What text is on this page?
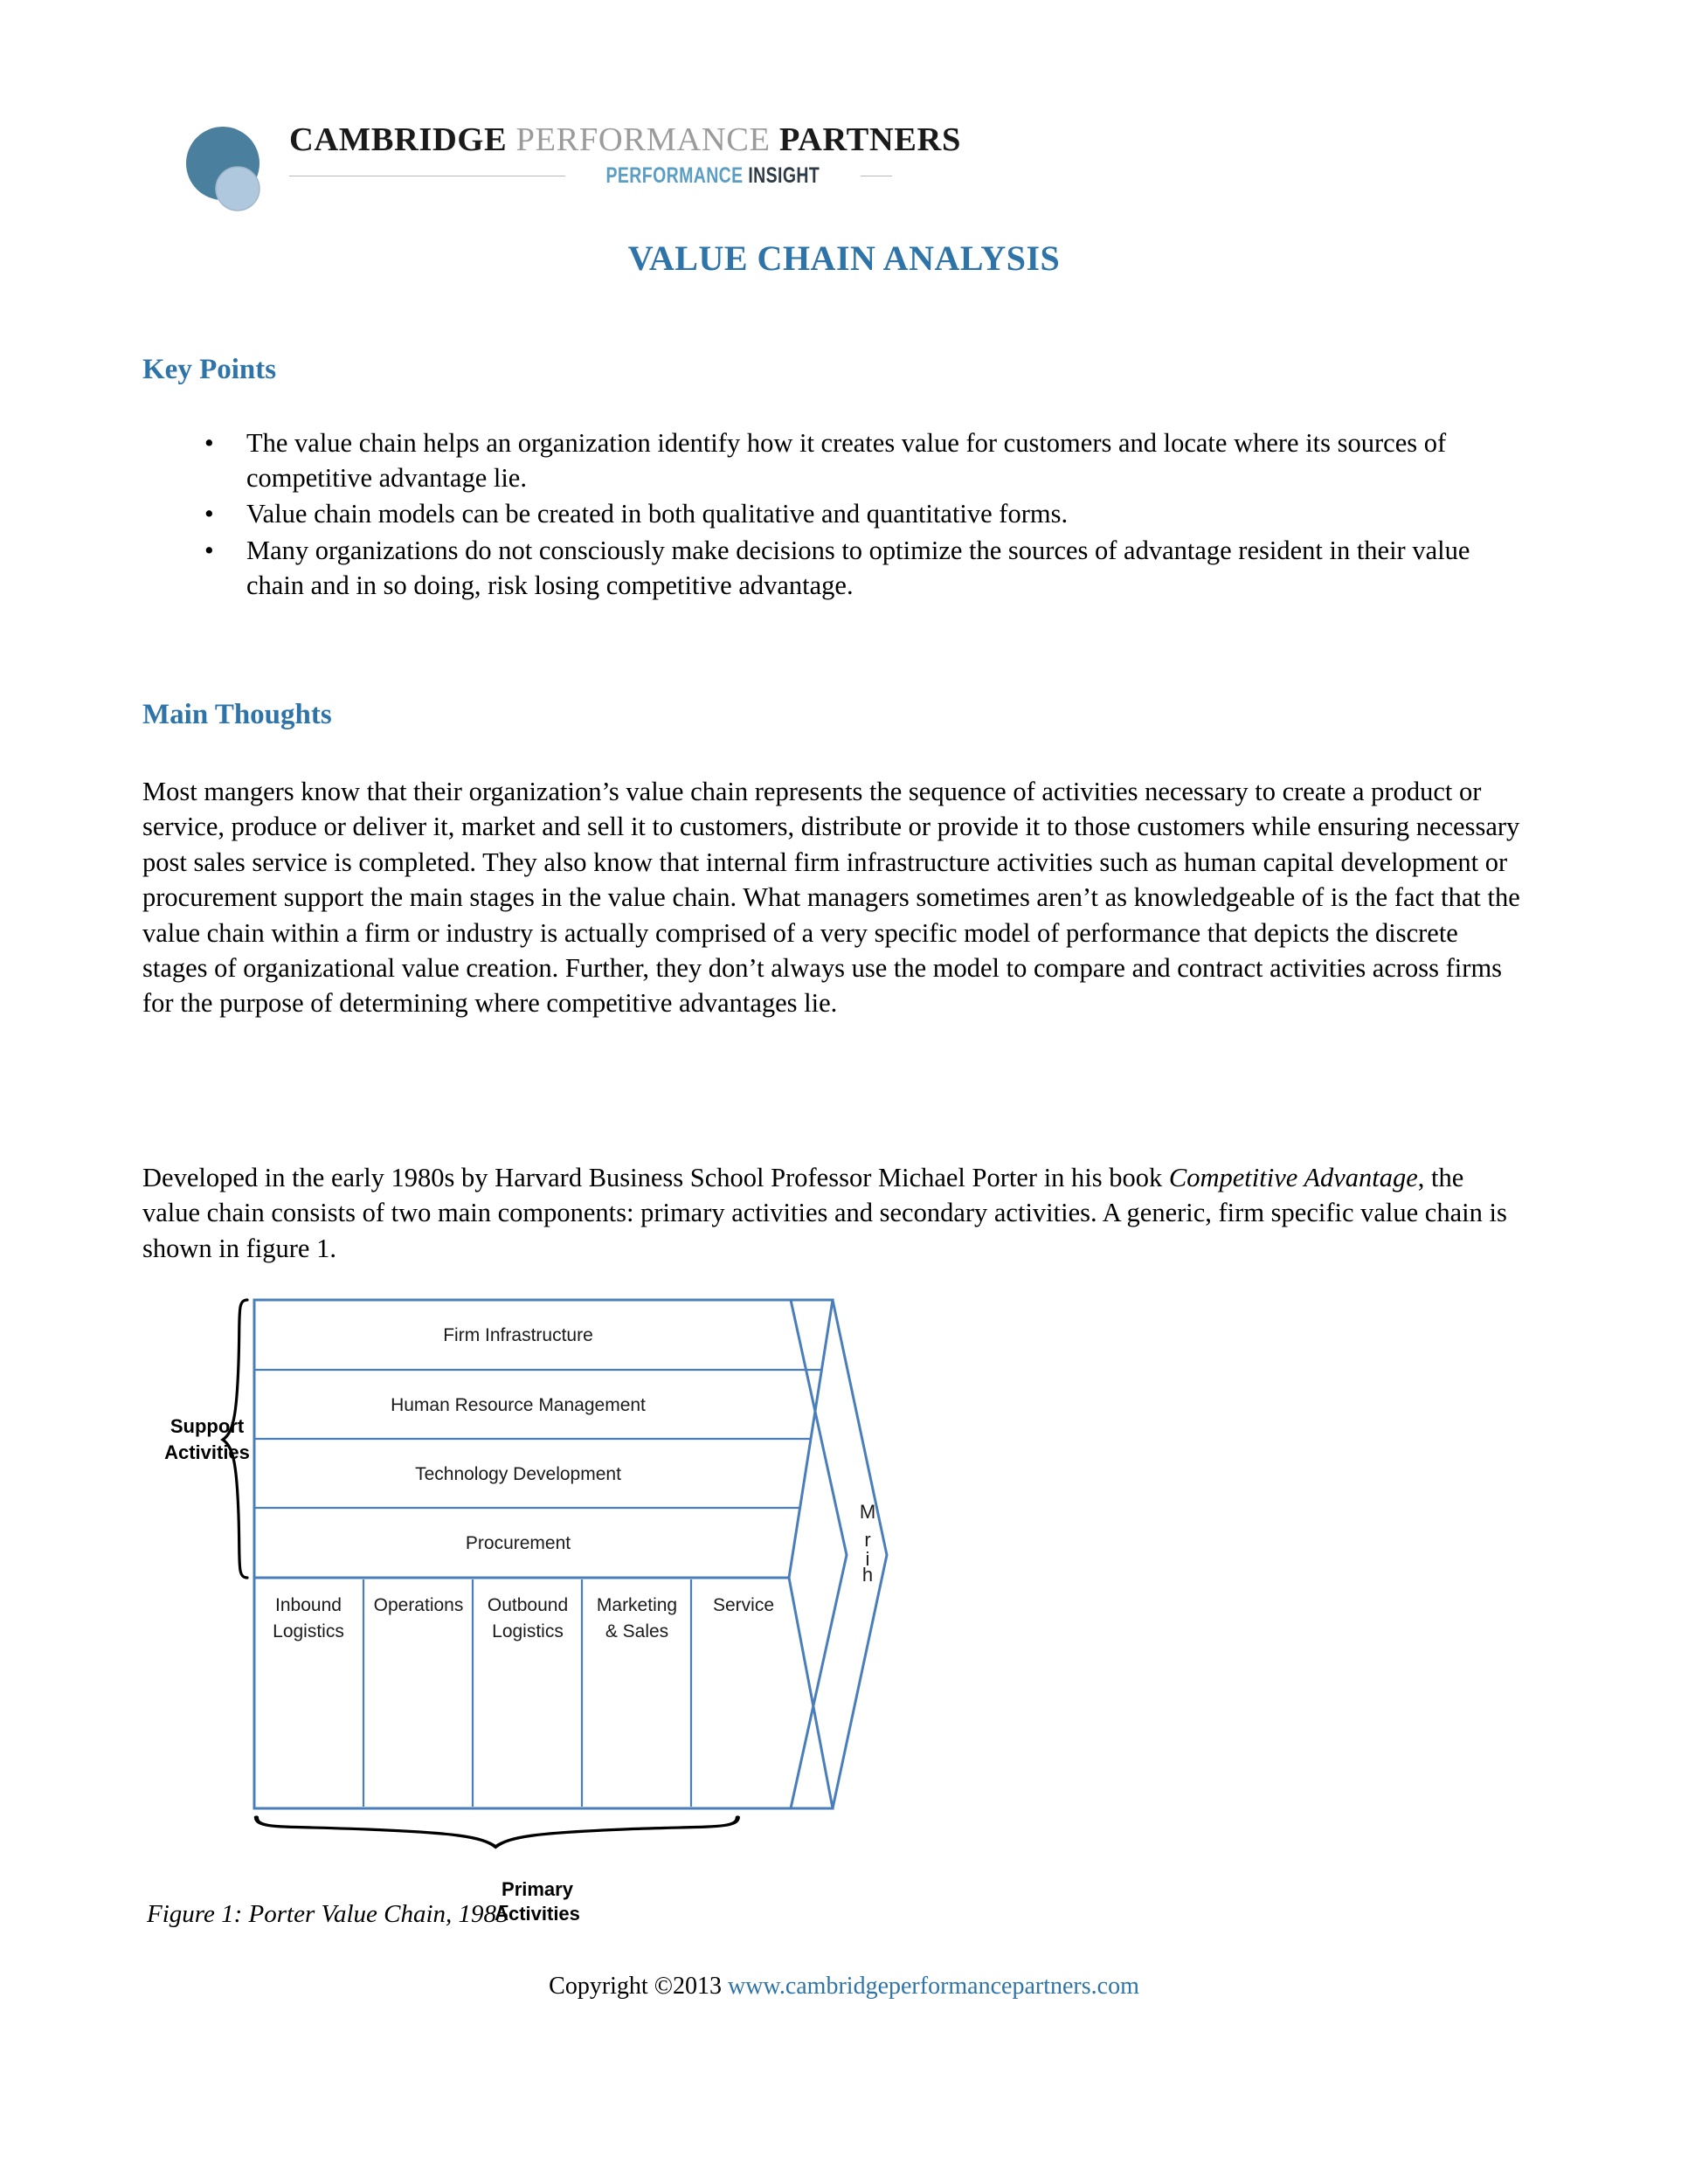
CAMBRIDGE PERFORMANCE PARTNERS
PERFORMANCE INSIGHT
VALUE CHAIN ANALYSIS
Key Points
• The value chain helps an organization identify how it creates value for customers and locate where its sources of competitive advantage lie.
• Value chain models can be created in both qualitative and quantitative forms.
• Many organizations do not consciously make decisions to optimize the sources of advantage resident in their value chain and in so doing, risk losing competitive advantage.
Main Thoughts
Most mangers know that their organization’s value chain represents the sequence of activities necessary to create a product or service, produce or deliver it, market and sell it to customers, distribute or provide it to those customers while ensuring necessary post sales service is completed. They also know that internal firm infrastructure activities such as human capital development or procurement support the main stages in the value chain. What managers sometimes aren’t as knowledgeable of is the fact that the value chain within a firm or industry is actually comprised of a very specific model of performance that depicts the discrete stages of organizational value creation. Further, they don’t always use the model to compare and contract activities across firms for the purpose of determining where competitive advantages lie.
Developed in the early 1980s by Harvard Business School Professor Michael Porter in his book Competitive Advantage, the value chain consists of two main components: primary activities and secondary activities. A generic, firm specific value chain is shown in figure 1.
Support
Activities
Firm Infrastructure
Human Resource Management
Technology Development
Procurement
Inbound
Logistics
Operations Outbound
Logistics
Marketing
& Sales
Service
M
r
i
h
Primary
Activities
Figure 1: Porter Value Chain, 1985
Copyright ©2013 www.cambridgeperformancepartners.com
